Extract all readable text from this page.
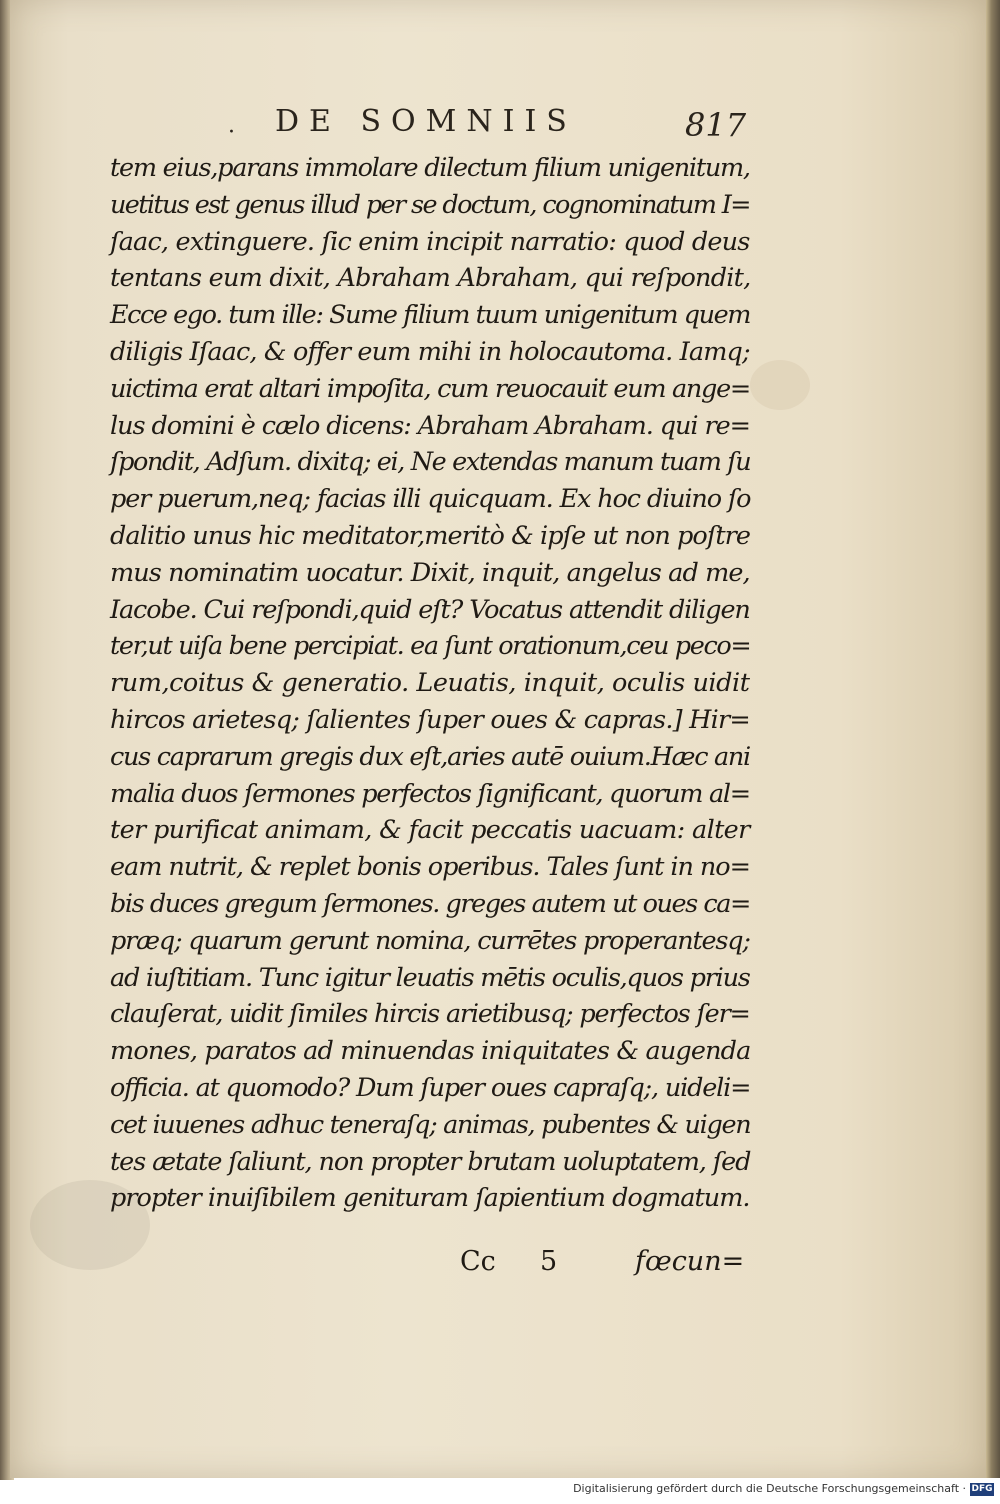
· DE SOMNIIS	817
tem eius,parans immolare dilectum filium unigenitum,
uetitus est genus illud per se doctum, cognominatum I=
ſaac, extinguere. ſic enim incipit narratio: quod deus
tentans eum dixit, Abraham Abraham, qui reſpondit,
Ecce ego. tum ille: Sume filium tuum unigenitum quem
diligis Iſaac, & offer eum mihi in holocautoma. Iamq;
uictima erat altari impoſita, cum reuocauit eum ange=
lus domini è cælo dicens: Abraham Abraham. qui re=
ſpondit, Adſum. dixitq; ei, Ne extendas manum tuam ſu
per puerum,neq; facias illi quicquam. Ex hoc diuino ſo
dalitio unus hic meditator,meritò & ipſe ut non poſtre
mus nominatim uocatur. Dixit, inquit, angelus ad me,
Iacobe. Cui reſpondi,quid eſt? Vocatus attendit diligen
ter,ut uiſa bene percipiat. ea ſunt orationum,ceu peco=
rum,coitus & generatio. Leuatis, inquit, oculis uidit
hircos arietesq; ſalientes ſuper oues & capras.] Hir=
cus caprarum gregis dux eſt,aries autē ouium.Hæc ani
malia duos ſermones perfectos ſignificant, quorum al=
ter purificat animam, & facit peccatis uacuam: alter
eam nutrit, & replet bonis operibus. Tales ſunt in no=
bis duces gregum ſermones. greges autem ut oues ca=
præq; quarum gerunt nomina, currētes properantesq;
ad iuſtitiam. Tunc igitur leuatis mētis oculis,quos prius
clauſerat, uidit ſimiles hircis arietibusq; perfectos ſer=
mones, paratos ad minuendas iniquitates & augenda
officia. at quomodo? Dum ſuper oues capraſq;, uideli=
cet iuuenes adhuc teneraſq; animas, pubentes & uigen
tes ætate ſaliunt, non propter brutam uoluptatem, ſed
propter inuiſibilem genituram ſapientium dogmatum.
Cc 5	fœcun=
Digitalisierung gefördert durch die Deutsche Forschungsgemeinschaft · DFG
